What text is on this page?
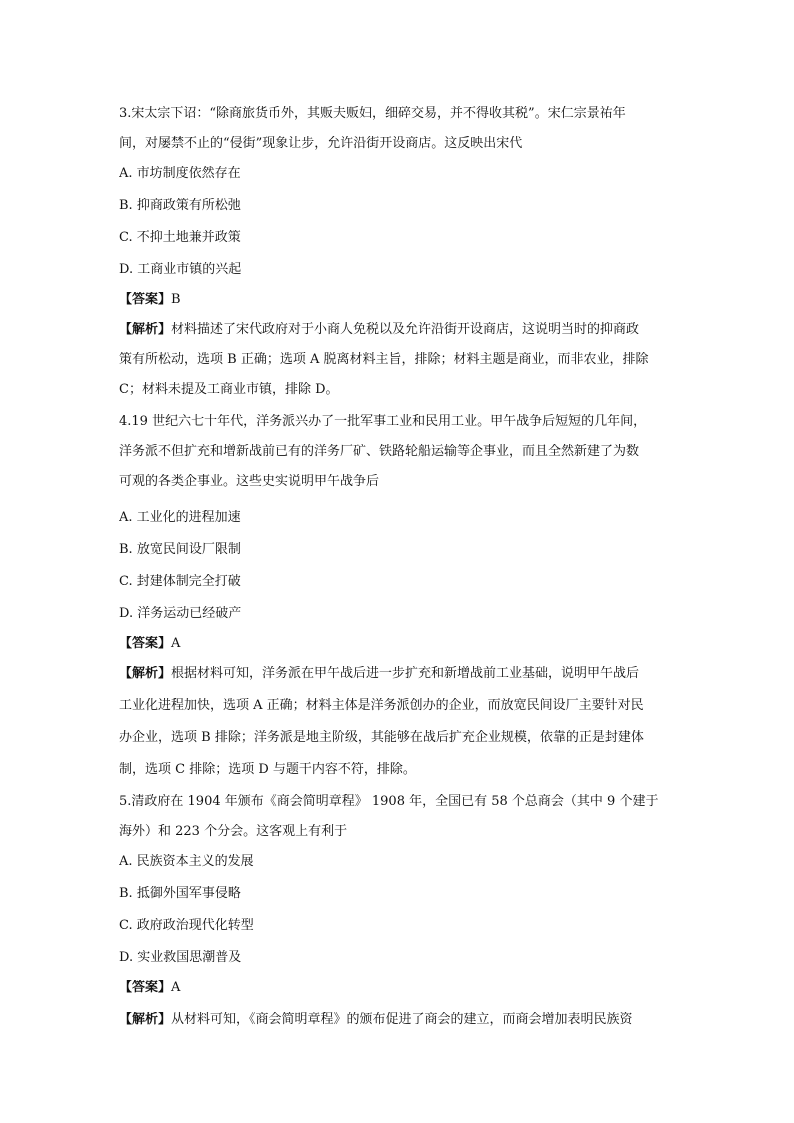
3.宋太宗下诏：“除商旅货币外，其贩夫贩妇，细碎交易，并不得收其税”。宋仁宗景祐年
间，对屡禁不止的“侵街”现象让步，允许沿街开设商店。这反映出宋代
A. 市坊制度依然存在
B. 抑商政策有所松弛
C. 不抑土地兼并政策
D. 工商业市镇的兴起
【答案】B
【解析】材料描述了宋代政府对于小商人免税以及允许沿街开设商店，这说明当时的抑商政
策有所松动，选项 B 正确；选项 A 脱离材料主旨，排除；材料主题是商业，而非农业，排除
C；材料未提及工商业市镇，排除 D。
4.19 世纪六七十年代，洋务派兴办了一批军事工业和民用工业。甲午战争后短短的几年间，
洋务派不但扩充和增新战前已有的洋务厂矿、铁路轮船运输等企事业，而且全然新建了为数
可观的各类企事业。这些史实说明甲午战争后
A. 工业化的进程加速
B. 放宽民间设厂限制
C. 封建体制完全打破
D. 洋务运动已经破产
【答案】A
【解析】根据材料可知，洋务派在甲午战后进一步扩充和新增战前工业基础，说明甲午战后
工业化进程加快，选项 A 正确；材料主体是洋务派创办的企业，而放宽民间设厂主要针对民
办企业，选项 B 排除；洋务派是地主阶级，其能够在战后扩充企业规模，依靠的正是封建体
制，选项 C 排除；选项 D 与题干内容不符，排除。
5.清政府在 1904 年颁布《商会简明章程》 1908 年，全国已有 58 个总商会（其中 9 个建于
海外）和 223 个分会。这客观上有利于
A. 民族资本主义的发展
B. 抵御外国军事侵略
C. 政府政治现代化转型
D. 实业救国思潮普及
【答案】A
【解析】从材料可知，《商会简明章程》的颁布促进了商会的建立，而商会增加表明民族资
